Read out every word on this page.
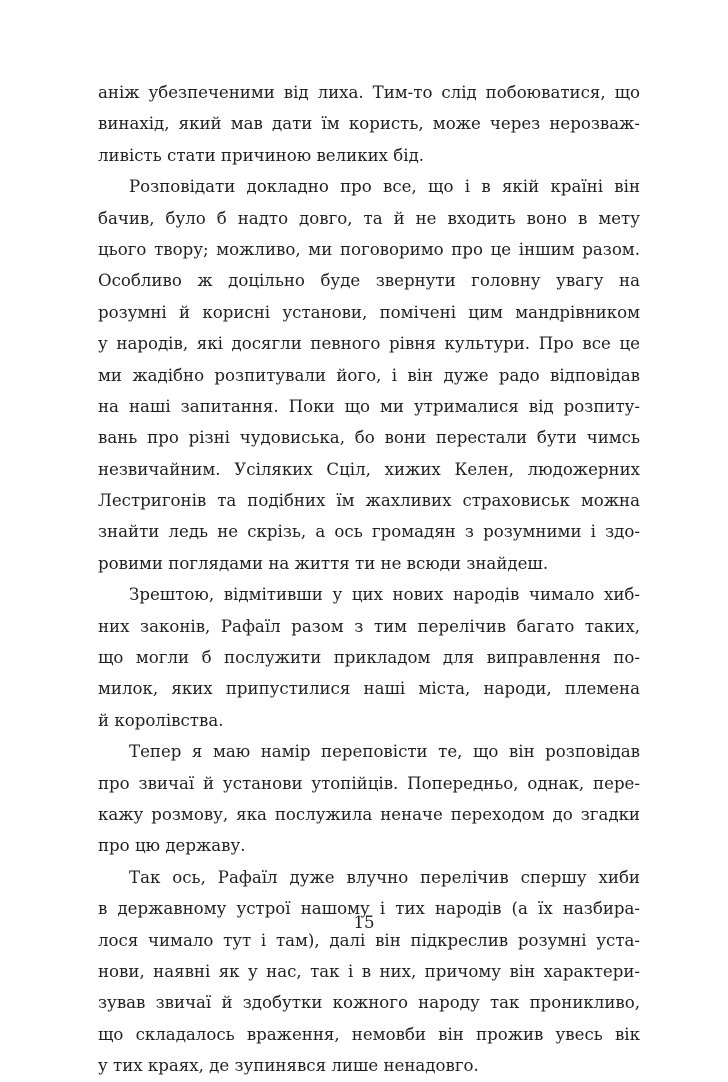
аніж убезпеченими від лиха. Тим-то слід побоюватися, що
винахід, який мав дати їм користь, може через нерозваж-
ливість стати причиною великих бід.
Розповідати докладно про все, що і в якій країні він
бачив, було б надто довго, та й не входить воно в мету
цього твору; можливо, ми поговоримо про це іншим разом.
Особливо ж доцільно буде звернути головну увагу на
розумні й корисні установи, помічені цим мандрівником
у народів, які досягли певного рівня культури. Про все це
ми жадібно розпитували його, і він дуже радо відповідав
на наші запитання. Поки що ми утрималися від розпиту-
вань про різні чудовиська, бо вони перестали бути чимсь
незвичайним. Усіляких Сціл, хижих Келен, людожерних
Лестригонів та подібних їм жахливих страховиськ можна
знайти ледь не скрізь, а ось громадян з розумними і здо-
ровими поглядами на життя ти не всюди знайдеш.
Зрештою, відмітивши у цих нових народів чимало хиб-
них законів, Рафаїл разом з тим перелічив багато таких,
що могли б послужити прикладом для виправлення по-
милок, яких припустилися наші міста, народи, племена
й королівства.
Тепер я маю намір переповісти те, що він розповідав
про звичаї й установи утопійців. Попередньо, однак, пере-
кажу розмову, яка послужила неначе переходом до згадки
про цю державу.
Так ось, Рафаїл дуже влучно перелічив спершу хиби
в державному устрої нашому і тих народів (а їх назбира-
лося чимало тут і там), далі він підкреслив розумні уста-
нови, наявні як у нас, так і в них, причому він характери-
зував звичаї й здобутки кожного народу так проникливо,
що складалось враження, немовби він прожив увесь вік
у тих краях, де зупинявся лише ненадовго.
15
